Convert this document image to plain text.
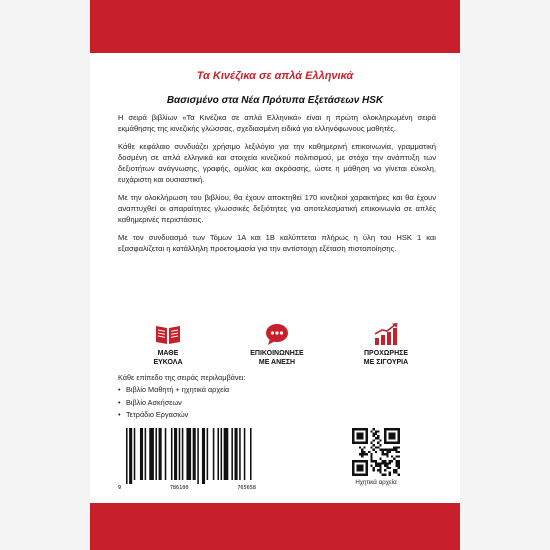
Τα Κινέζικα σε απλά Ελληνικά
Βασισμένο στα Νέα Πρότυπα Εξετάσεων HSK

Η σειρά βιβλίων «Τα Κινέζικα σε απλά Ελληνικά» είναι η πρώτη ολοκληρωμένη σειρά εκμάθησης της κινεζικής γλώσσας, σχεδιασμένη ειδικά για ελληνόφωνους μαθητές.

Κάθε κεφάλαιο συνδυάζει χρήσιμο λεξιλόγιο για την καθημερινή επικοινωνία, γραμματική δοσμένη σε απλά ελληνικά και στοιχεία κινεζικού πολιτισμού, με στόχο την ανάπτυξη των δεξιοτήτων ανάγνωσης, γραφής, ομιλίας και ακρόασης, ώστε η μάθηση να γίνεται εύκολη, ευχάριστη και ουσιαστική.

Με την ολοκλήρωση του βιβλίου, θα έχουν αποκτηθεί 170 κινεζικοί χαρακτήρες και θα έχουν αναπτυχθεί οι απαραίτητες γλωσσικές δεξιότητες για αποτελεσματική επικοινωνία σε απλές καθημερινές περιστάσεις.

Με τον συνδυασμό των Τόμων 1Α και 1Β καλύπτεται πλήρως η ύλη του HSK 1 και εξασφαλίζεται η κατάλληλη προετοιμασία για την αντίστοιχη εξέταση πιστοποίησης.

ΜΑΘΕ
ΕΥΚΟΛΑ
ΕΠΙΚΟΙΝΩΝΗΣΕ
ΜΕ ΑΝΕΣΗ
ΠΡΟΧΩΡΗΣΕ
ΜΕ ΣΙΓΟΥΡΙΑ
Κάθε επίπεδο της σειράς περιλαμβάνει:
• Βιβλίο Μαθητή + ηχητικά αρχεία
• Βιβλίο Ασκήσεων
• Τετράδιο Εργασιών
9	786100	765658
Ηχητικά αρχεία
